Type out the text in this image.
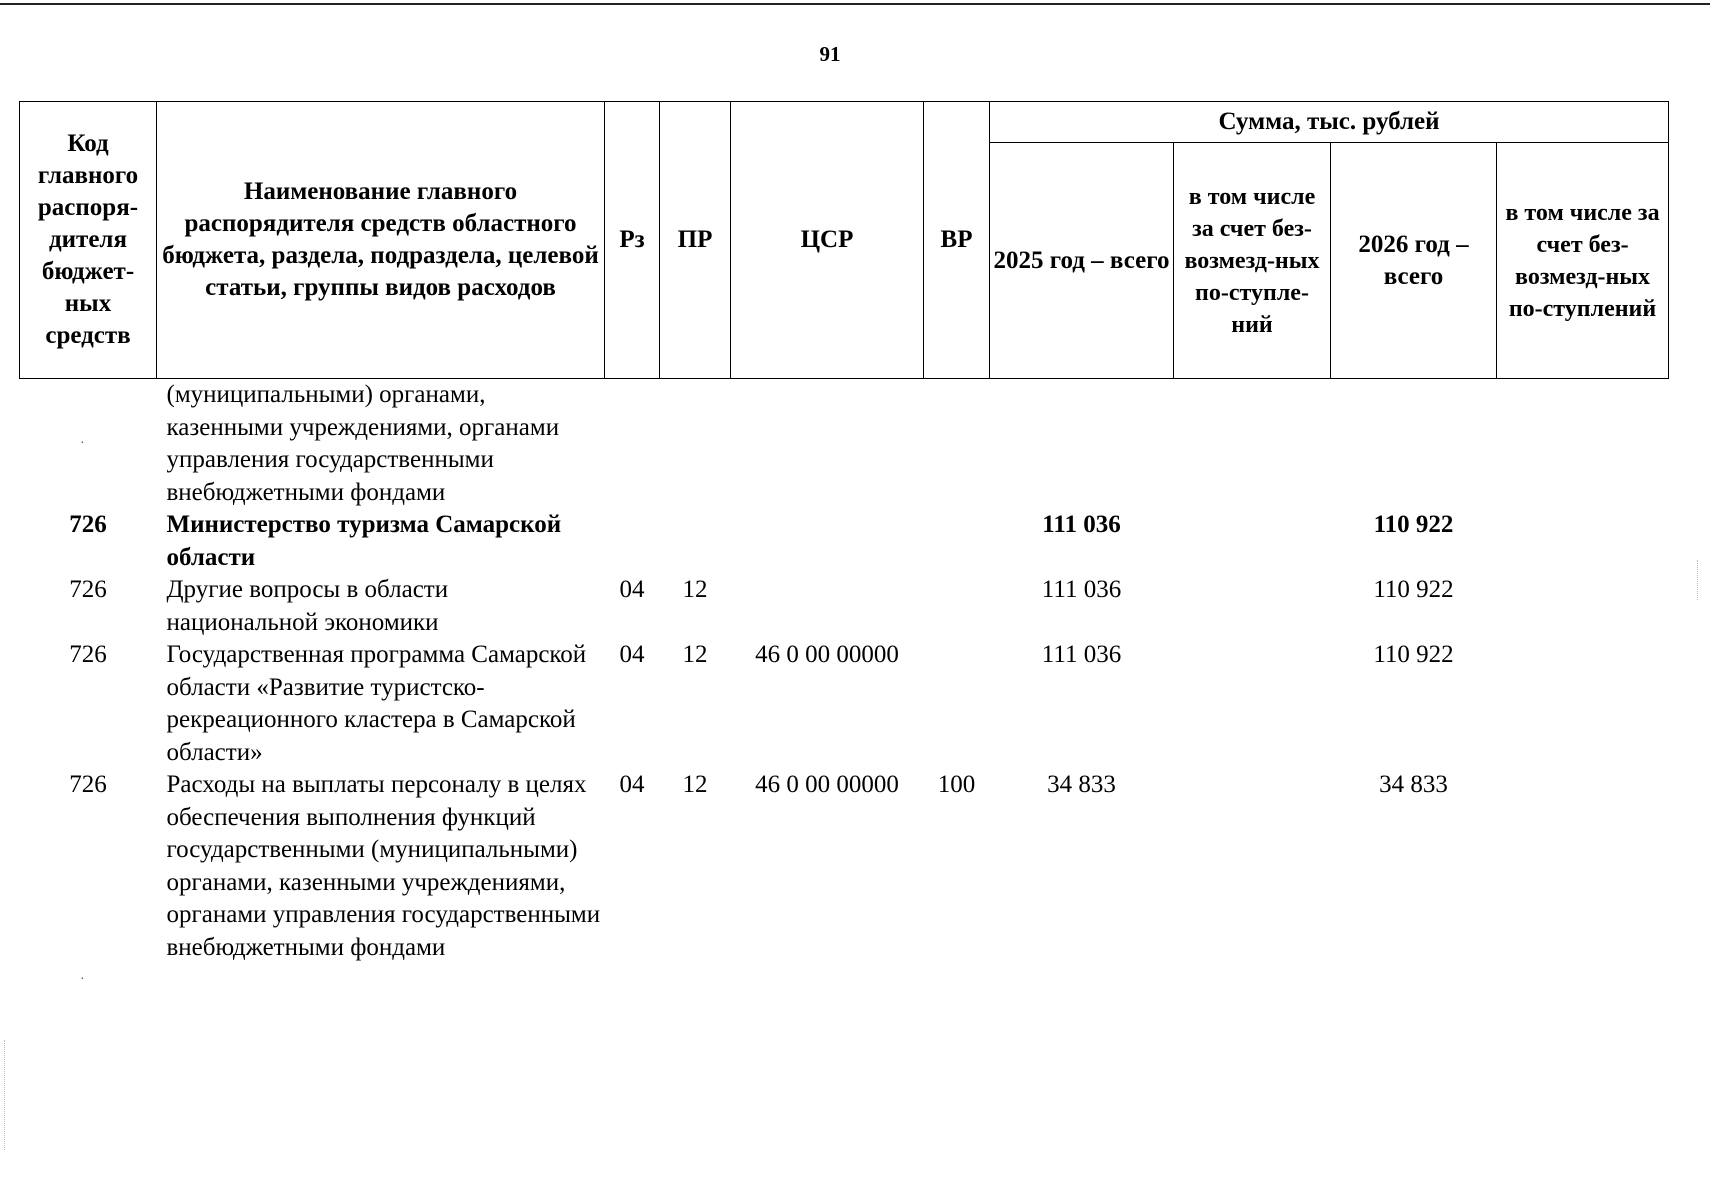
91
Код главного распоря-дителя бюджет-ных средств	Наименование главного распорядителя средств областного бюджета, раздела, подраздела, целевой статьи, группы видов расходов	Рз	ПР	ЦСР	ВР	Сумма, тыс. рублей			
						2025 год – всего	в том числе за счет без-возмезд-ных по-ступле-ний	2026 год – всего	в том числе за счет без-возмезд-ных по-ступлений
	(муниципальными) органами, казенными учреждениями, органами управления государственными внебюджетными фондами								
726	Министерство туризма Самарской области					111 036		110 922	
726	Другие вопросы в области национальной экономики	04	12			111 036		110 922	
726	Государственная программа Самарской области «Развитие туристско-рекреационного кластера в Самарской области»	04	12	46 0 00 00000		111 036		110 922	
726	Расходы на выплаты персоналу в целях обеспечения выполнения функций государственными (муниципальными) органами, казенными учреждениями, органами управления государственными внебюджетными фондами	04	12	46 0 00 00000	100	34 833		34 833	
·
·
